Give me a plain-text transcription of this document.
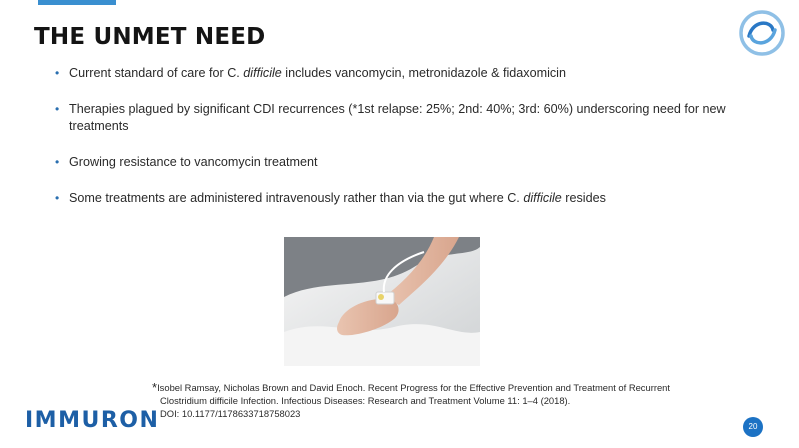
THE UNMET NEED
• Current standard of care for C. difficile includes vancomycin, metronidazole & fidaxomicin
• Therapies plagued by significant CDI recurrences (*1st relapse: 25%; 2nd: 40%; 3rd: 60%) underscoring need for new treatments
• Growing resistance to vancomycin treatment
• Some treatments are administered intravenously rather than via the gut where C. difficile resides
*Isobel Ramsay, Nicholas Brown and David Enoch. Recent Progress for the Effective Prevention and Treatment of Recurrent
Clostridium difficile Infection. Infectious Diseases: Research and Treatment Volume 11: 1–4 (2018).
DOI: 10.1177/1178633718758023
IMMURON	20
